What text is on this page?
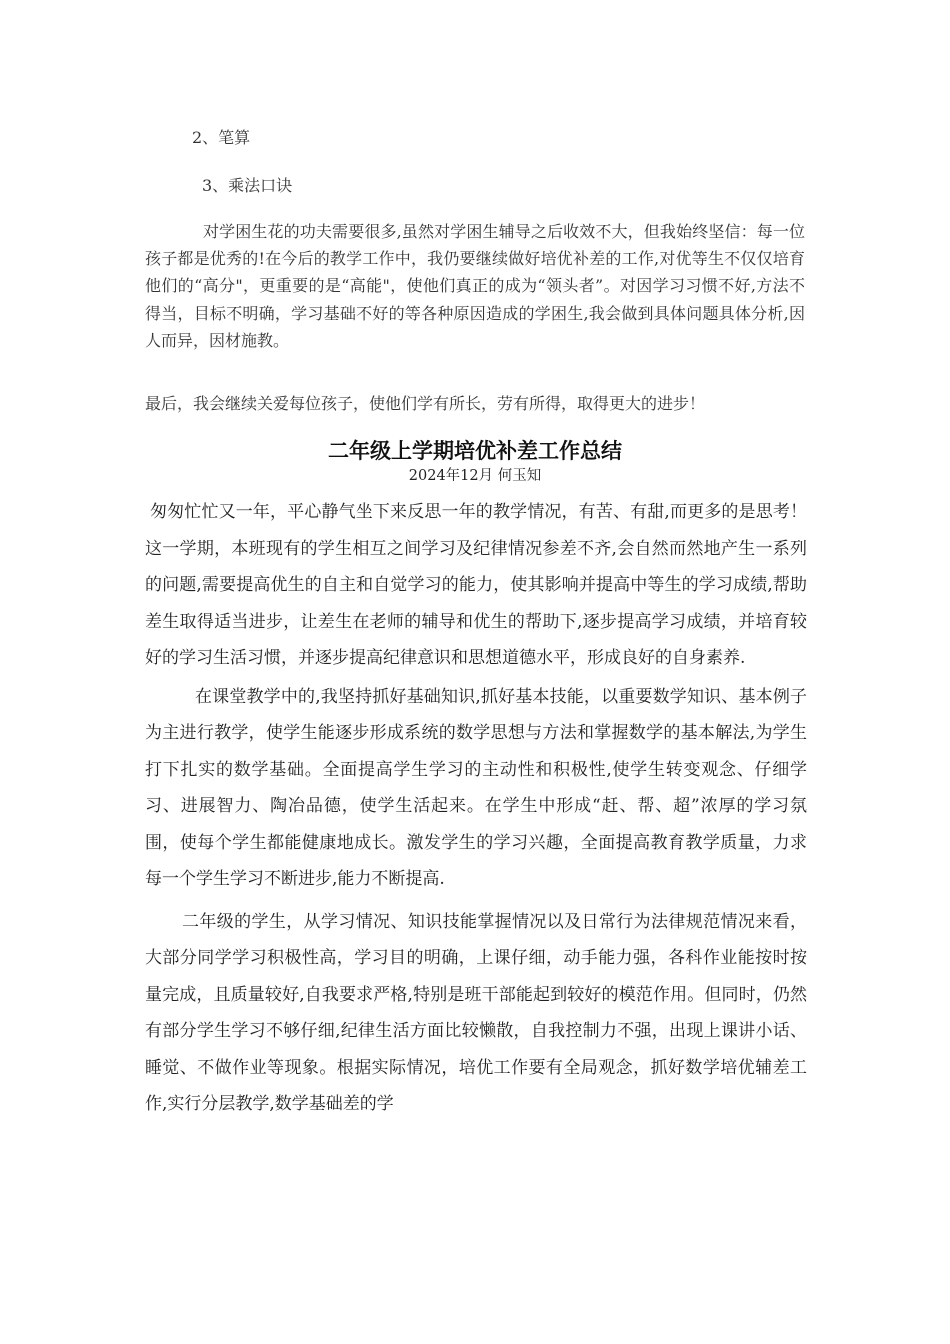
2、笔算
3、乘法口诀

对学困生花的功夫需要很多,虽然对学困生辅导之后收效不大，但我始终坚信：每一位孩子都是优秀的!在今后的教学工作中，我仍要继续做好培优补差的工作,对优等生不仅仅培育他们的“高分"，更重要的是“高能"，使他们真正的成为“领头者”。对因学习习惯不好,方法不得当，目标不明确，学习基础不好的等各种原因造成的学困生,我会做到具体问题具体分析,因人而异，因材施教。

最后，我会继续关爱每位孩子，使他们学有所长，劳有所得，取得更大的进步！

二年级上学期培优补差工作总结
2024年12月 何玉知

匆匆忙忙又一年，平心静气坐下来反思一年的教学情况，有苦、有甜,而更多的是思考！这一学期，本班现有的学生相互之间学习及纪律情况参差不齐,会自然而然地产生一系列的问题,需要提高优生的自主和自觉学习的能力，使其影响并提高中等生的学习成绩,帮助差生取得适当进步，让差生在老师的辅导和优生的帮助下,逐步提高学习成绩，并培育较好的学习生活习惯，并逐步提高纪律意识和思想道德水平，形成良好的自身素养.

在课堂教学中的,我坚持抓好基础知识,抓好基本技能，以重要数学知识、基本例子为主进行教学，使学生能逐步形成系统的数学思想与方法和掌握数学的基本解法,为学生打下扎实的数学基础。全面提高学生学习的主动性和积极性,使学生转变观念、仔细学习、进展智力、陶冶品德，使学生活起来。在学生中形成“赶、帮、超”浓厚的学习氛围，使每个学生都能健康地成长。激发学生的学习兴趣，全面提高教育教学质量，力求每一个学生学习不断进步,能力不断提高.

二年级的学生，从学习情况、知识技能掌握情况以及日常行为法律规范情况来看，大部分同学学习积极性高，学习目的明确，上课仔细，动手能力强，各科作业能按时按量完成，且质量较好,自我要求严格,特别是班干部能起到较好的模范作用。但同时，仍然有部分学生学习不够仔细,纪律生活方面比较懒散，自我控制力不强，出现上课讲小话、睡觉、不做作业等现象。根据实际情况，培优工作要有全局观念，抓好数学培优辅差工作,实行分层教学,数学基础差的学
